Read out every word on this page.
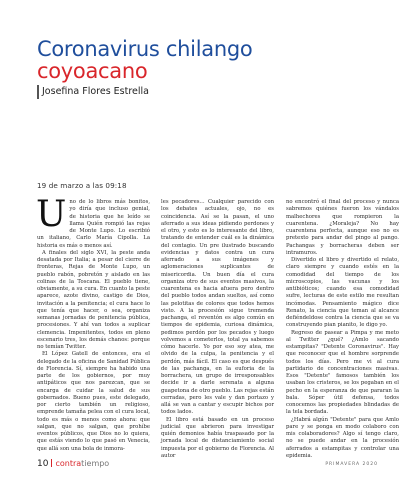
Coronavirus chilango
coyoacano
Josefina Flores Estrella
19 de marzo a las 09:18

Uno de lo libros más bonitos, yo diría que incluso genial, de historia que he leído se llama Quién rompió las rejas de Monte Lupo. Lo escribió un italiano, Carlo María Cipolla. La historia es más o menos así.

A finales del siglo XVI, la peste anda desatada por Italia; a pesar del cierre de fronteras, Rejas de Monte Lupo, un pueblo rabón, pobretón y aislado en las colinas de la Toscana. El pueblo tiene, obviamente, a su cura. En cuanto la peste aparece, azote divino, castigo de Dios, invitación a la penitencia; el cura hace lo que tenía que hacer, o sea, organiza semanas jornadas de penitencia pública, procesiones. Y ahí van todos a suplicar clemencia. Impenitentes, todos en pleno escenario tres, los demás chanos: porque no temían Twitter.

El López Gatell de entonces, era el delegado de la oficina de Sanidad Pública de Florencia. Sí, siempre ha habido una parte de los gobiernos, por muy antipáticos que nos parezcan, que se encarga de cuidar la salud de sus gobernados. Bueno pues, este delegado, por cierto también un religioso, emprende tamaña pelea con el cura local, todo es más o menos como ahora: que salgan, que no salgan, que prohíbe eventos públicos, que Dios no lo quiera, que estás viendo lo que pasó en Venecia, que allá son una bola de inmora-

les pecadores… Cualquier parecido con los debates actuales, ojo, no es coincidencia. Así se la pasan, el uno aferrado a sus ideas pidiendo perdones y el otro, y esto es lo interesante del libro, tratando de entender cuál es la dinámica del contagio. Un pre ilustrado buscando evidencias y datos contra un cura aferrado a sus imágenes y aglomeraciones suplicantes de misericordia. Un buen día el cura organiza otro de sus eventos masivos, la cuarentena es hacia afuera pero dentro del pueblo todos andan sueltos, así como las pelotitas de colores que todos hemos visto. A la procesión sigue tremenda pachanga, el reventón es algo común en tiempos de epidemia, curiosa dinámica, pedimos perdón por los pecados y luego volvemos a cometerlos, total ya sabemos cómo hacerle. Yo por eso soy atea, me olvido de la culpa, la penitencia y el perdón, más fácil. El caso es que después de las pachanga, en la euforia de la borrachera, un grupo de irresponsables decide ir a darle serenata a alguna guapetona de otro pueblo. Las rejas están cerradas, pero les vale y dan portazo y allá se van a cantar y escupir bichos por todos lados.

El libro está basado en un proceso judicial que abrieron para investigar quién demonios había traspasado por la jornada local de distanciamiento social impuesta por el gobierno de Florencia. Al autor

no encontró el final del proceso y nunca sabremos quiénes fueron los vándalos malhechores que rompieron la cuarentena. ¿Moraleja? No hay cuarentena perfecta, aunque eso no es pretexto para andar del pingo al pango. Pachangas y borracheras deben ser intramuros.

Divertido el libro y divertido el relato, claro siempre y cuando estés en la comodidad del tiempo de los microscopios, las vacunas y los antibióticos; cuando esa comodidad sufre, lecturas de este estilo me resultan incómodas. Pensamiento mágico dice Renato, la ciencia que teman al alcance defiéndeldose contra la ciencia que se va construyendo pian pianito, le digo yo.

Regreso de pasear a Pimpa y me meto al Twitter ¿qué? ¿Amlo sacando estampitas? "Detente Coronavirus". Hay que reconocer que el hombre sorprende todos los días. Pero me vi al cura partidario de concentraciones masivas. Esos "Detente" famosos también los usaban los cristeros, se los pegaban en el pecho en la esperanza de que pararan la bala. Sóper útil defensa, todos conocemos las propiedades blindadas de la tela bordada.

¿Habrá algún "Detente" para que Amlo pare y se ponga en modo colaboro con mis colaboradores? Algo sí tengo claro, no se puede andar en la procesión aferrados a estampitas y controlar una epidemia.

10 contratiempo	PRIMAVERA 2020
